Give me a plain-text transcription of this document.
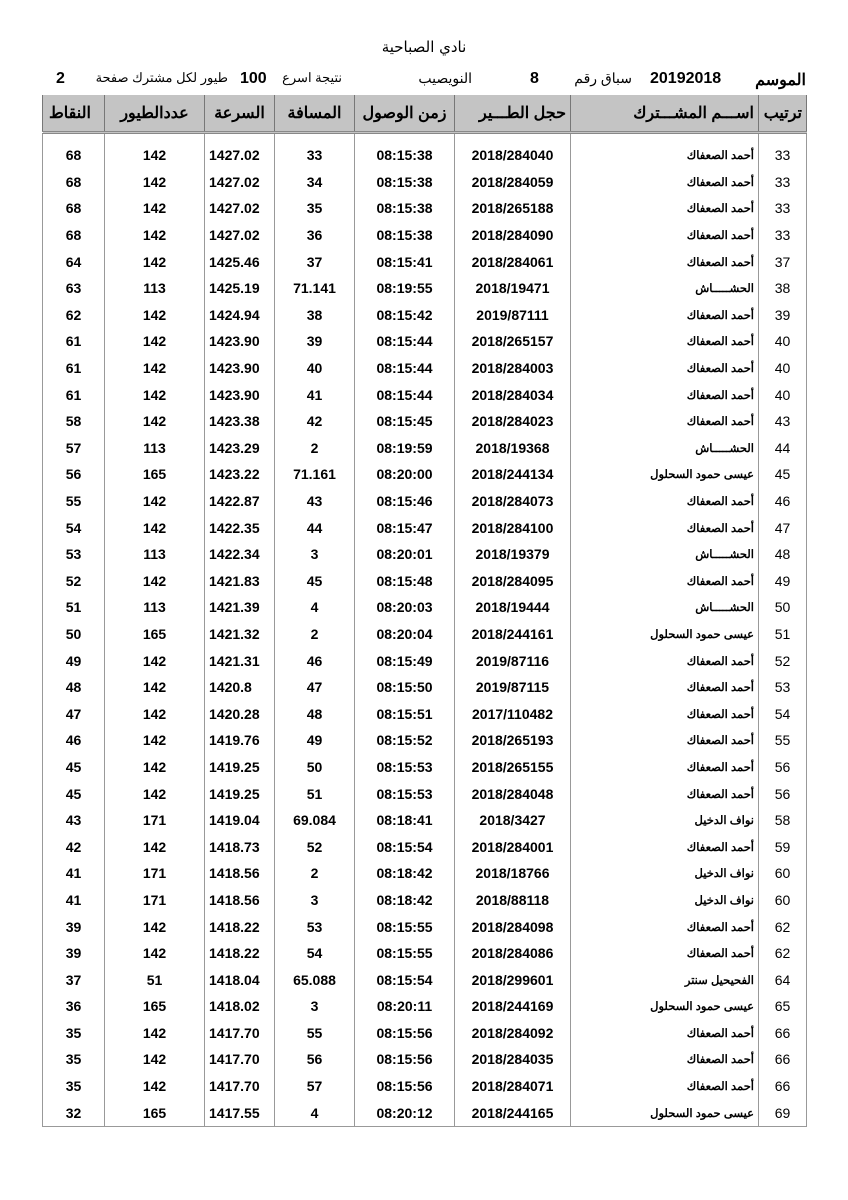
نادي الصباحية
الموسم
20192018
سباق رقم
8
النويصيب
نتيجة اسرع
100
طيور لكل مشترك صفحة
2
النقاط	عددالطيور	السرعة	المسافة	زمن الوصول	حجل الطـــير	اســـم المشـــترك	ترتيب

68	142	1427.02	33	08:15:38	2018/284040	أحمد الصعفاك	33
68	142	1427.02	34	08:15:38	2018/284059	أحمد الصعفاك	33
68	142	1427.02	35	08:15:38	2018/265188	أحمد الصعفاك	33
68	142	1427.02	36	08:15:38	2018/284090	أحمد الصعفاك	33
64	142	1425.46	37	08:15:41	2018/284061	أحمد الصعفاك	37
63	113	1425.19	71.141	08:19:55	2018/19471	الحشـــــاش	38
62	142	1424.94	38	08:15:42	2019/87111	أحمد الصعفاك	39
61	142	1423.90	39	08:15:44	2018/265157	أحمد الصعفاك	40
61	142	1423.90	40	08:15:44	2018/284003	أحمد الصعفاك	40
61	142	1423.90	41	08:15:44	2018/284034	أحمد الصعفاك	40
58	142	1423.38	42	08:15:45	2018/284023	أحمد الصعفاك	43
57	113	1423.29	2	08:19:59	2018/19368	الحشـــــاش	44
56	165	1423.22	71.161	08:20:00	2018/244134	عيسى حمود السحلول	45
55	142	1422.87	43	08:15:46	2018/284073	أحمد الصعفاك	46
54	142	1422.35	44	08:15:47	2018/284100	أحمد الصعفاك	47
53	113	1422.34	3	08:20:01	2018/19379	الحشـــــاش	48
52	142	1421.83	45	08:15:48	2018/284095	أحمد الصعفاك	49
51	113	1421.39	4	08:20:03	2018/19444	الحشـــــاش	50
50	165	1421.32	2	08:20:04	2018/244161	عيسى حمود السحلول	51
49	142	1421.31	46	08:15:49	2019/87116	أحمد الصعفاك	52
48	142	1420.8	47	08:15:50	2019/87115	أحمد الصعفاك	53
47	142	1420.28	48	08:15:51	2017/110482	أحمد الصعفاك	54
46	142	1419.76	49	08:15:52	2018/265193	أحمد الصعفاك	55
45	142	1419.25	50	08:15:53	2018/265155	أحمد الصعفاك	56
45	142	1419.25	51	08:15:53	2018/284048	أحمد الصعفاك	56
43	171	1419.04	69.084	08:18:41	2018/3427	نواف الدخيل	58
42	142	1418.73	52	08:15:54	2018/284001	أحمد الصعفاك	59
41	171	1418.56	2	08:18:42	2018/18766	نواف الدخيل	60
41	171	1418.56	3	08:18:42	2018/88118	نواف الدخيل	60
39	142	1418.22	53	08:15:55	2018/284098	أحمد الصعفاك	62
39	142	1418.22	54	08:15:55	2018/284086	أحمد الصعفاك	62
37	51	1418.04	65.088	08:15:54	2018/299601	الفحيحيل سنتر	64
36	165	1418.02	3	08:20:11	2018/244169	عيسى حمود السحلول	65
35	142	1417.70	55	08:15:56	2018/284092	أحمد الصعفاك	66
35	142	1417.70	56	08:15:56	2018/284035	أحمد الصعفاك	66
35	142	1417.70	57	08:15:56	2018/284071	أحمد الصعفاك	66
32	165	1417.55	4	08:20:12	2018/244165	عيسى حمود السحلول	69
